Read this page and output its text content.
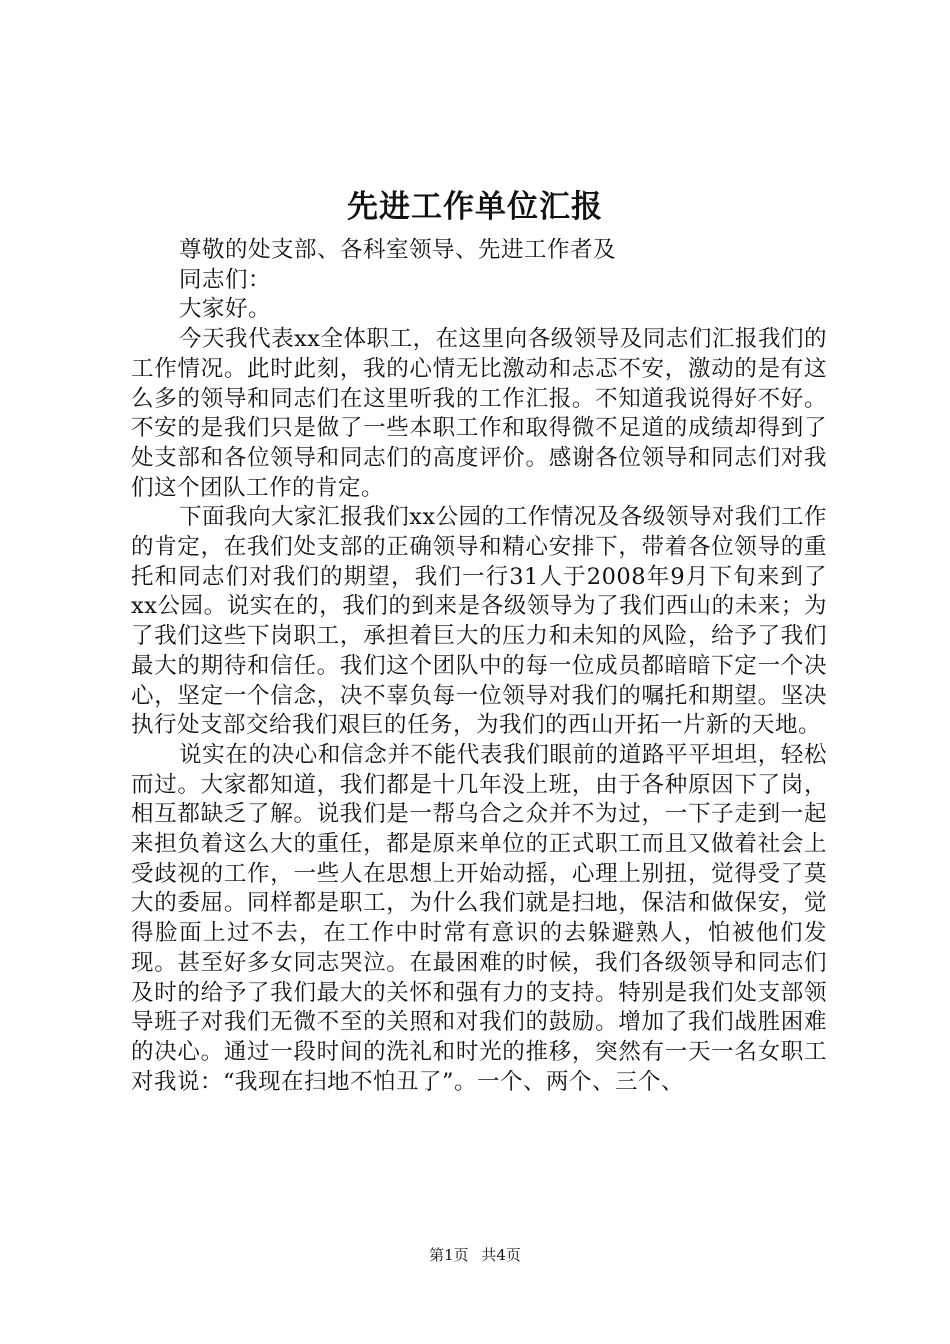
先进工作单位汇报

尊敬的处支部、各科室领导、先进工作者及

同志们：

大家好。

今天我代表xx全体职工，在这里向各级领导及同志们汇报我们的工作情况。此时此刻，我的心情无比激动和忐忑不安，激动的是有这么多的领导和同志们在这里听我的工作汇报。不知道我说得好不好。不安的是我们只是做了一些本职工作和取得微不足道的成绩却得到了处支部和各位领导和同志们的高度评价。感谢各位领导和同志们对我们这个团队工作的肯定。

下面我向大家汇报我们xx公园的工作情况及各级领导对我们工作的肯定，在我们处支部的正确领导和精心安排下，带着各位领导的重托和同志们对我们的期望，我们一行31人于2008年9月下旬来到了xx公园。说实在的，我们的到来是各级领导为了我们西山的未来；为了我们这些下岗职工，承担着巨大的压力和未知的风险，给予了我们最大的期待和信任。我们这个团队中的每一位成员都暗暗下定一个决心，坚定一个信念，决不辜负每一位领导对我们的嘱托和期望。坚决执行处支部交给我们艰巨的任务，为我们的西山开拓一片新的天地。

说实在的决心和信念并不能代表我们眼前的道路平平坦坦，轻松而过。大家都知道，我们都是十几年没上班，由于各种原因下了岗，相互都缺乏了解。说我们是一帮乌合之众并不为过，一下子走到一起来担负着这么大的重任，都是原来单位的正式职工而且又做着社会上受歧视的工作，一些人在思想上开始动摇，心理上别扭，觉得受了莫大的委屈。同样都是职工，为什么我们就是扫地，保洁和做保安，觉得脸面上过不去，在工作中时常有意识的去躲避熟人，怕被他们发现。甚至好多女同志哭泣。在最困难的时候，我们各级领导和同志们及时的给予了我们最大的关怀和强有力的支持。特别是我们处支部领导班子对我们无微不至的关照和对我们的鼓励。增加了我们战胜困难的决心。通过一段时间的洗礼和时光的推移，突然有一天一名女职工对我说：“我现在扫地不怕丑了”。一个、两个、三个、

第1页 共4页
